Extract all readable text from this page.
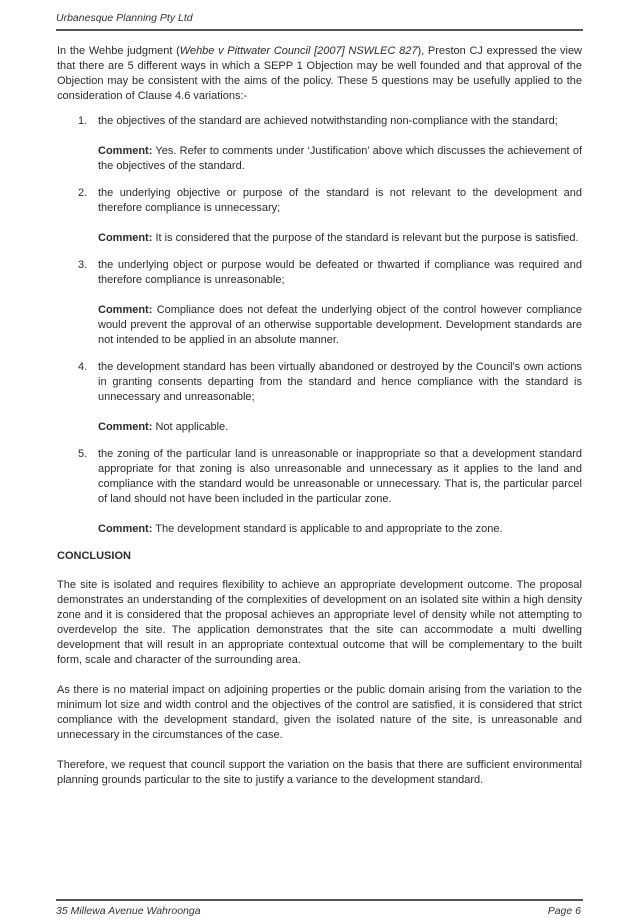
Urbanesque Planning Pty Ltd

In the Wehbe judgment (Wehbe v Pittwater Council [2007] NSWLEC 827), Preston CJ expressed the view that there are 5 different ways in which a SEPP 1 Objection may be well founded and that approval of the Objection may be consistent with the aims of the policy. These 5 questions may be usefully applied to the consideration of Clause 4.6 variations:-

1. the objectives of the standard are achieved notwithstanding non-compliance with the standard;

Comment: Yes. Refer to comments under ‘Justification’ above which discusses the achievement of the objectives of the standard.

2. the underlying objective or purpose of the standard is not relevant to the development and therefore compliance is unnecessary;

Comment: It is considered that the purpose of the standard is relevant but the purpose is satisfied.

3. the underlying object or purpose would be defeated or thwarted if compliance was required and therefore compliance is unreasonable;

Comment: Compliance does not defeat the underlying object of the control however compliance would prevent the approval of an otherwise supportable development. Development standards are not intended to be applied in an absolute manner.

4. the development standard has been virtually abandoned or destroyed by the Council's own actions in granting consents departing from the standard and hence compliance with the standard is unnecessary and unreasonable;

Comment: Not applicable.

5. the zoning of the particular land is unreasonable or inappropriate so that a development standard appropriate for that zoning is also unreasonable and unnecessary as it applies to the land and compliance with the standard would be unreasonable or unnecessary. That is, the particular parcel of land should not have been included in the particular zone.

Comment: The development standard is applicable to and appropriate to the zone.

CONCLUSION

The site is isolated and requires flexibility to achieve an appropriate development outcome. The proposal demonstrates an understanding of the complexities of development on an isolated site within a high density zone and it is considered that the proposal achieves an appropriate level of density while not attempting to overdevelop the site. The application demonstrates that the site can accommodate a multi dwelling development that will result in an appropriate contextual outcome that will be complementary to the built form, scale and character of the surrounding area.

As there is no material impact on adjoining properties or the public domain arising from the variation to the minimum lot size and width control and the objectives of the control are satisfied, it is considered that strict compliance with the development standard, given the isolated nature of the site, is unreasonable and unnecessary in the circumstances of the case.

Therefore, we request that council support the variation on the basis that there are sufficient environmental planning grounds particular to the site to justify a variance to the development standard.

35 Millewa Avenue Wahroonga	Page 6
